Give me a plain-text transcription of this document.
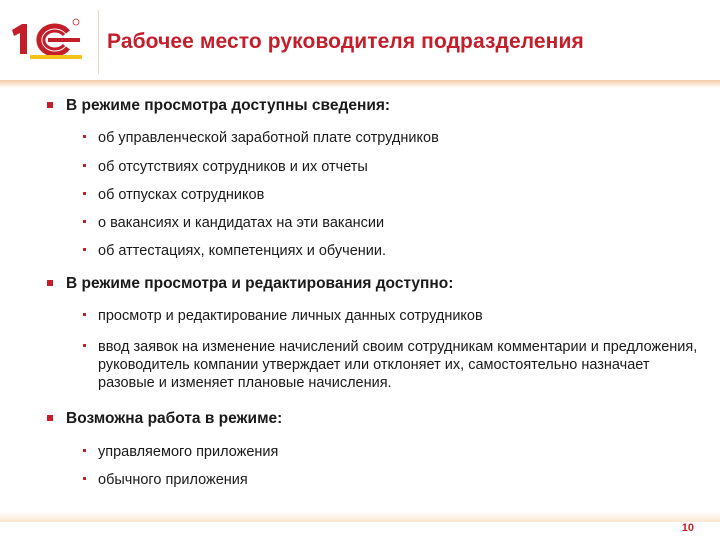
Рабочее место руководителя подразделения
В режиме просмотра доступны сведения:
об управленческой заработной плате сотрудников
об отсутствиях сотрудников и их отчеты
об отпусках сотрудников
о вакансиях и кандидатах на эти вакансии
об аттестациях, компетенциях и обучении.
В режиме просмотра и редактирования доступно:
просмотр и редактирование личных данных сотрудников
ввод заявок на изменение начислений своим сотрудникам комментарии и предложения, руководитель компании утверждает или отклоняет их, самостоятельно назначает разовые и изменяет плановые начисления.
Возможна работа в режиме:
управляемого приложения
обычного приложения
10
